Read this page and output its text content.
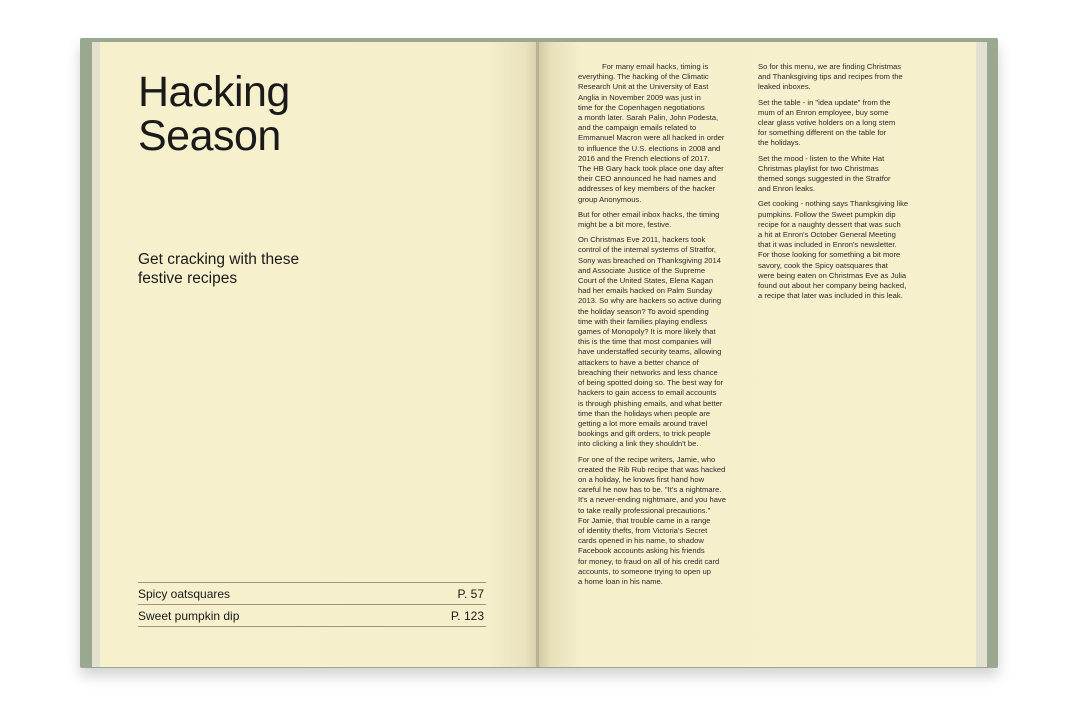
Hacking
Season
Get cracking with these
festive recipes
Spicy oatsquares	P. 57
Sweet pumpkin dip	P. 123

For many email hacks, timing is
everything. The hacking of the Climatic
Research Unit at the University of East
Anglia in November 2009 was just in
time for the Copenhagen negotiations
a month later. Sarah Palin, John Podesta,
and the campaign emails related to
Emmanuel Macron were all hacked in order
to influence the U.S. elections in 2008 and
2016 and the French elections of 2017.
The HB Gary hack took place one day after
their CEO announced he had names and
addresses of key members of the hacker
group Anonymous.

But for other email inbox hacks, the timing
might be a bit more, festive.

On Christmas Eve 2011, hackers took
control of the internal systems of Stratfor,
Sony was breached on Thanksgiving 2014
and Associate Justice of the Supreme
Court of the United States, Elena Kagan
had her emails hacked on Palm Sunday
2013. So why are hackers so active during
the holiday season? To avoid spending
time with their families playing endless
games of Monopoly? It is more likely that
this is the time that most companies will
have understaffed security teams, allowing
attackers to have a better chance of
breaching their networks and less chance
of being spotted doing so. The best way for
hackers to gain access to email accounts
is through phishing emails, and what better
time than the holidays when people are
getting a lot more emails around travel
bookings and gift orders, to trick people
into clicking a link they shouldn't be.

For one of the recipe writers, Jamie, who
created the Rib Rub recipe that was hacked
on a holiday, he knows first hand how
careful he now has to be. "It's a nightmare.
It's a never-ending nightmare, and you have
to take really professional precautions."
For Jamie, that trouble came in a range
of identity thefts, from Victoria's Secret
cards opened in his name, to shadow
Facebook accounts asking his friends
for money, to fraud on all of his credit card
accounts, to someone trying to open up
a home loan in his name.

So for this menu, we are finding Christmas
and Thanksgiving tips and recipes from the
leaked inboxes.

Set the table - in "idea update" from the
mum of an Enron employee, buy some
clear glass votive holders on a long stem
for something different on the table for
the holidays.

Set the mood - listen to the White Hat
Christmas playlist for two Christmas
themed songs suggested in the Stratfor
and Enron leaks.

Get cooking - nothing says Thanksgiving like
pumpkins. Follow the Sweet pumpkin dip
recipe for a naughty dessert that was such
a hit at Enron's October General Meeting
that it was included in Enron's newsletter.
For those looking for something a bit more
savory, cook the Spicy oatsquares that
were being eaten on Christmas Eve as Julia
found out about her company being hacked,
a recipe that later was included in this leak.
